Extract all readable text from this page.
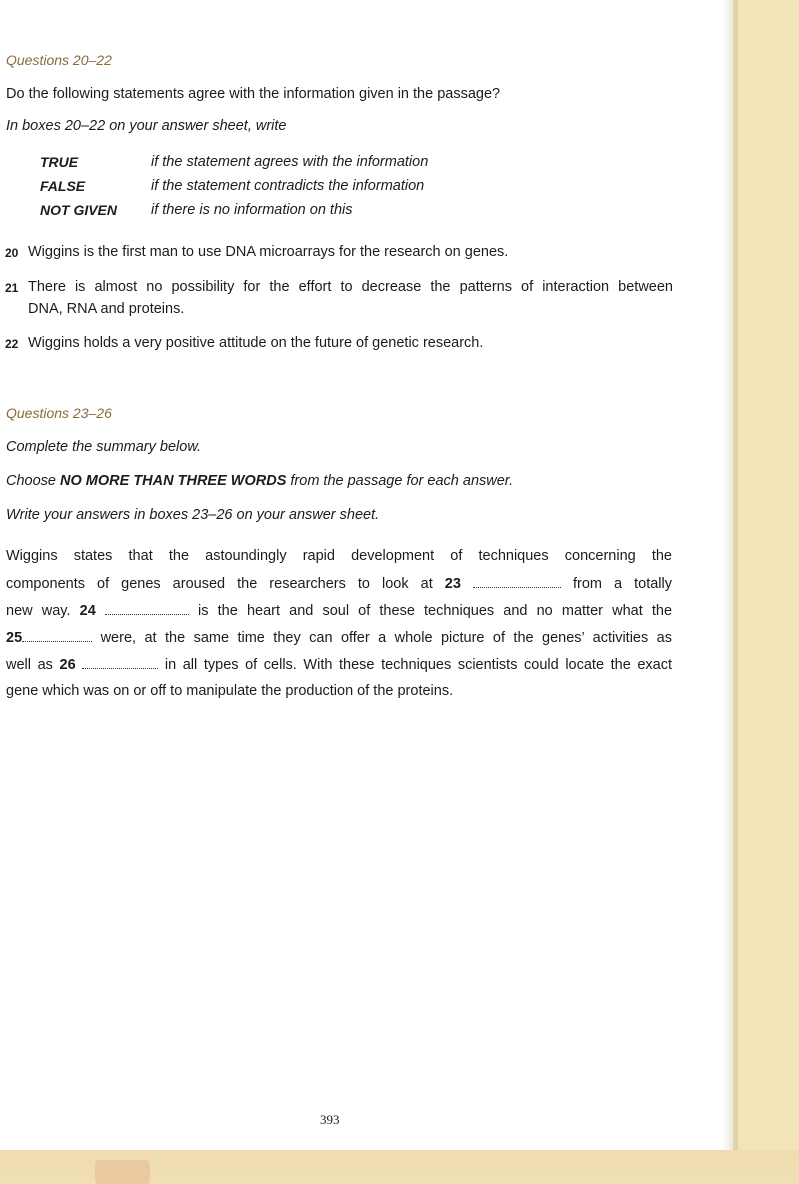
Questions 20–22
Do the following statements agree with the information given in the passage?
In boxes 20–22 on your answer sheet, write
TRUE	if the statement agrees with the information
FALSE	if the statement contradicts the information
NOT GIVEN if there is no information on this
20 Wiggins is the first man to use DNA microarrays for the research on genes.
21 There is almost no possibility for the effort to decrease the patterns of interaction between
DNA, RNA and proteins.
22 Wiggins holds a very positive attitude on the future of genetic research.
Questions 23–26
Complete the summary below.
Choose NO MORE THAN THREE WORDS from the passage for each answer.
Write your answers in boxes 23–26 on your answer sheet.
Wiggins states that the astoundingly rapid development of techniques concerning the
components of genes aroused the researchers to look at 23	from a totally
new way. 24	is the heart and soul of these techniques and no matter what the
25	were, at the same time they can offer a whole picture of the genes’ activities as
well as 26	in all types of cells. With these techniques scientists could locate the exact
gene which was on or off to manipulate the production of the proteins.
393
